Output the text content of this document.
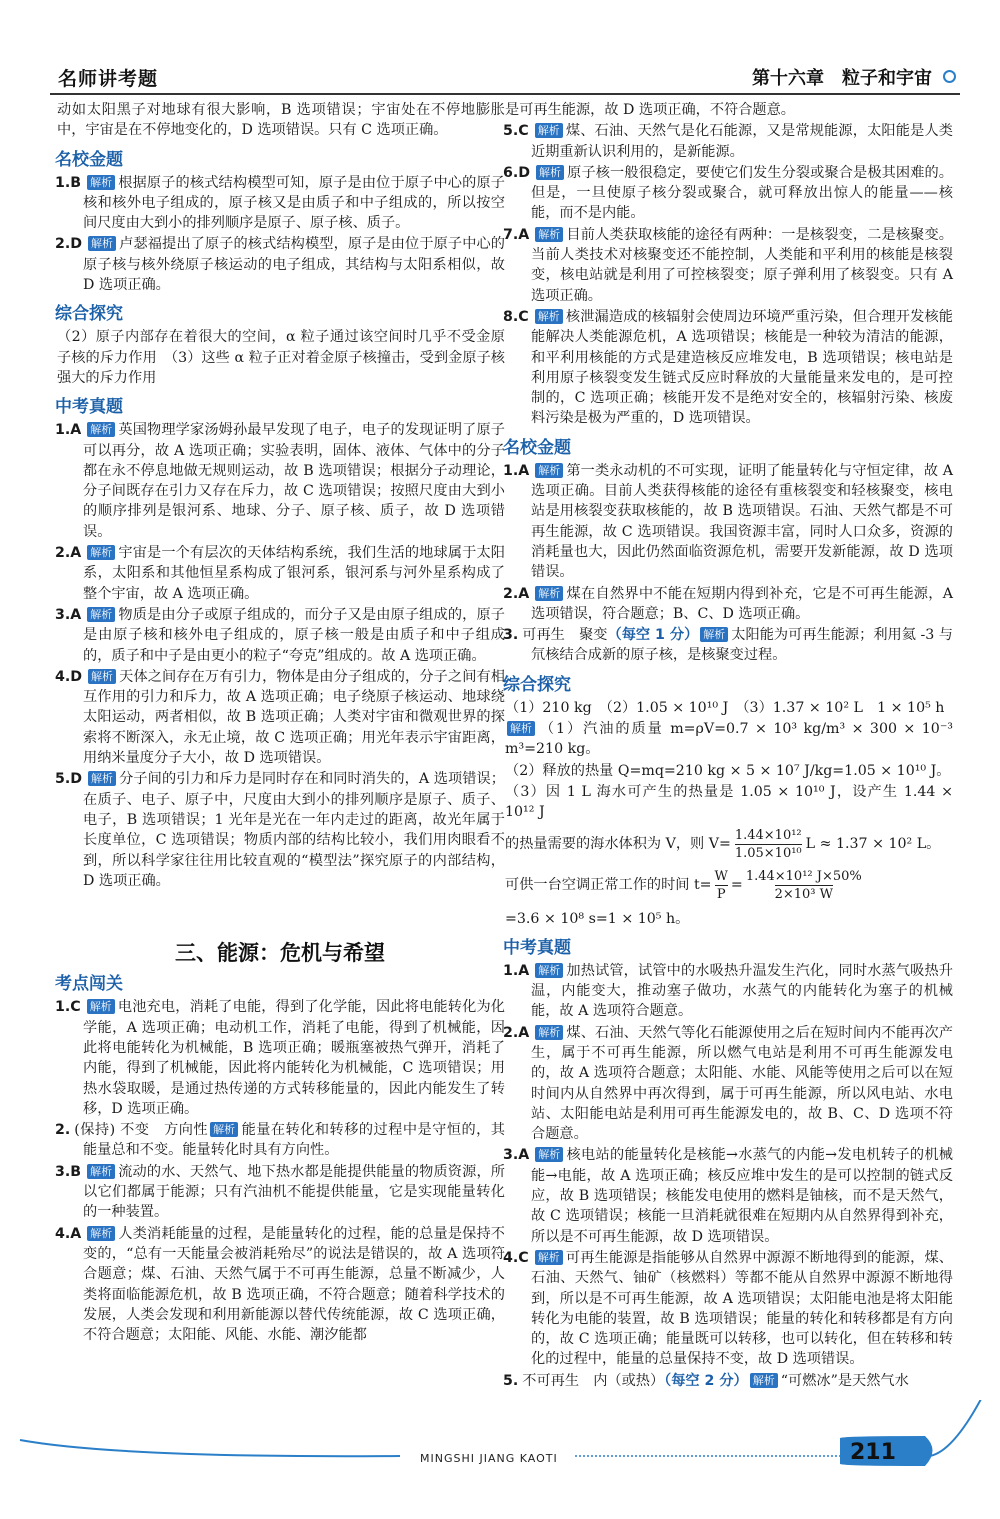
名师讲考题	第十六章　粒子和宇宙

动如太阳黑子对地球有很大影响，B 选项错误；宇宙处在不停地膨胀中，宇宙是在不停地变化的，D 选项错误。只有 C 选项正确。

名校金题

1.B 解析 根据原子的核式结构模型可知，原子是由位于原子中心的原子核和核外电子组成的，原子核又是由质子和中子组成的，所以按空间尺度由大到小的排列顺序是原子、原子核、质子。

2.D 解析 卢瑟福提出了原子的核式结构模型，原子是由位于原子中心的原子核与核外绕原子核运动的电子组成，其结构与太阳系相似，故 D 选项正确。

综合探究

（2）原子内部存在着很大的空间，α 粒子通过该空间时几乎不受金原子核的斥力作用　（3）这些 α 粒子正对着金原子核撞击，受到金原子核强大的斥力作用

中考真题

1.A 解析 英国物理学家汤姆孙最早发现了电子，电子的发现证明了原子可以再分，故 A 选项正确；实验表明，固体、液体、气体中的分子都在永不停息地做无规则运动，故 B 选项错误；根据分子动理论，分子间既存在引力又存在斥力，故 C 选项错误；按照尺度由大到小的顺序排列是银河系、地球、分子、原子核、质子，故 D 选项错误。

2.A 解析 宇宙是一个有层次的天体结构系统，我们生活的地球属于太阳系，太阳系和其他恒星系构成了银河系，银河系与河外星系构成了整个宇宙，故 A 选项正确。

3.A 解析 物质是由分子或原子组成的，而分子又是由原子组成的，原子是由原子核和核外电子组成的，原子核一般是由质子和中子组成的，质子和中子是由更小的粒子“夸克”组成的。故 A 选项正确。

4.D 解析 天体之间存在万有引力，物体是由分子组成的，分子之间有相互作用的引力和斥力，故 A 选项正确；电子绕原子核运动、地球绕太阳运动，两者相似，故 B 选项正确；人类对宇宙和微观世界的探索将不断深入，永无止境，故 C 选项正确；用光年表示宇宙距离，用纳米量度分子大小，故 D 选项错误。

5.D 解析 分子间的引力和斥力是同时存在和同时消失的，A 选项错误；在质子、电子、原子中，尺度由大到小的排列顺序是原子、质子、电子，B 选项错误；1 光年是光在一年内走过的距离，故光年属于长度单位，C 选项错误；物质内部的结构比较小，我们用肉眼看不到，所以科学家往往用比较直观的“模型法”探究原子的内部结构，D 选项正确。

三、能源：危机与希望
考点闯关

1.C 解析 电池充电，消耗了电能，得到了化学能，因此将电能转化为化学能，A 选项正确；电动机工作，消耗了电能，得到了机械能，因此将电能转化为机械能，B 选项正确；暖瓶塞被热气弹开，消耗了内能，得到了机械能，因此将内能转化为机械能，C 选项错误；用热水袋取暖，是通过热传递的方式转移能量的，因此内能发生了转移，D 选项正确。

2. (保持) 不变　方向性 解析 能量在转化和转移的过程中是守恒的，其能量总和不变。能量转化时具有方向性。

3.B 解析 流动的水、天然气、地下热水都是能提供能量的物质资源，所以它们都属于能源；只有汽油机不能提供能量，它是实现能量转化的一种装置。

4.A 解析 人类消耗能量的过程，是能量转化的过程，能的总量是保持不变的，“总有一天能量会被消耗殆尽”的说法是错误的，故 A 选项符合题意；煤、石油、天然气属于不可再生能源，总量不断减少，人类将面临能源危机，故 B 选项正确，不符合题意；随着科学技术的发展，人类会发现和利用新能源以替代传统能源，故 C 选项正确，不符合题意；太阳能、风能、水能、潮汐能都

是可再生能源，故 D 选项正确，不符合题意。

5.C 解析 煤、石油、天然气是化石能源，又是常规能源，太阳能是人类近期重新认识利用的，是新能源。

6.D 解析 原子核一般很稳定，要使它们发生分裂或聚合是极其困难的。但是，一旦使原子核分裂或聚合，就可释放出惊人的能量——核能，而不是内能。

7.A 解析 目前人类获取核能的途径有两种：一是核裂变，二是核聚变。当前人类技术对核聚变还不能控制，人类能和平利用的核能是核裂变，核电站就是利用了可控核裂变；原子弹利用了核裂变。只有 A 选项正确。

8.C 解析 核泄漏造成的核辐射会使周边环境严重污染，但合理开发核能能解决人类能源危机，A 选项错误；核能是一种较为清洁的能源，和平利用核能的方式是建造核反应堆发电，B 选项错误；核电站是利用原子核裂变发生链式反应时释放的大量能量来发电的，是可控制的，C 选项正确；核能开发不是绝对安全的，核辐射污染、核废料污染是极为严重的，D 选项错误。

名校金题

1.A 解析 第一类永动机的不可实现，证明了能量转化与守恒定律，故 A 选项正确。目前人类获得核能的途径有重核裂变和轻核聚变，核电站是用核裂变获取核能的，故 B 选项错误。石油、天然气都是不可再生能源，故 C 选项错误。我国资源丰富，同时人口众多，资源的消耗量也大，因此仍然面临资源危机，需要开发新能源，故 D 选项错误。

2.A 解析 煤在自然界中不能在短期内得到补充，它是不可再生能源，A 选项错误，符合题意；B、C、D 选项正确。

3. 可再生　聚变（每空 1 分） 解析 太阳能为可再生能源；利用氦 -3 与氘核结合成新的原子核，是核聚变过程。

综合探究

（1）210 kg　（2）1.05 × 10¹⁰ J　（3）1.37 × 10² L　1 × 10⁵ h

解析 （1）汽油的质量 m=ρV=0.7 × 10³ kg/m³ × 300 × 10⁻³ m³=210 kg。

（2）释放的热量 Q=mq=210 kg × 5 × 10⁷ J/kg=1.05 × 10¹⁰ J。

（3）因 1 L 海水可产生的热量是 1.05 × 10¹⁰ J，设产生 1.44 × 10¹² J

的热量需要的海水体积为 V，则 $V= \frac{\text{1.44×10¹²}}{\text{1.05×10¹⁰}}$ L ≈ 1.37 × 10² L。
可供一台空调正常工作的时间 $t= \frac{W}{P} = \frac{\text{1.44×10¹² J×50\%}}{\text{2×10³ W}}$

=3.6 × 10⁸ s=1 × 10⁵ h。

中考真题

1.A 解析 加热试管，试管中的水吸热升温发生汽化，同时水蒸气吸热升温，内能变大，推动塞子做功，水蒸气的内能转化为塞子的机械能，故 A 选项符合题意。

2.A 解析 煤、石油、天然气等化石能源使用之后在短时间内不能再次产生，属于不可再生能源，所以燃气电站是利用不可再生能源发电的，故 A 选项符合题意；太阳能、水能、风能等使用之后可以在短时间内从自然界中再次得到，属于可再生能源，所以风电站、水电站、太阳能电站是利用可再生能源发电的，故 B、C、D 选项不符合题意。

3.A 解析 核电站的能量转化是核能→水蒸气的内能→发电机转子的机械能→电能，故 A 选项正确；核反应堆中发生的是可以控制的链式反应，故 B 选项错误；核能发电使用的燃料是铀核，而不是天然气，故 C 选项错误；核能一旦消耗就很难在短期内从自然界得到补充，所以是不可再生能源，故 D 选项错误。

4.C 解析 可再生能源是指能够从自然界中源源不断地得到的能源，煤、石油、天然气、铀矿（核燃料）等都不能从自然界中源源不断地得到，所以是不可再生能源，故 A 选项错误；太阳能电池是将太阳能转化为电能的装置，故 B 选项错误；能量的转化和转移都是有方向的，故 C 选项正确；能量既可以转移，也可以转化，但在转移和转化的过程中，能量的总量保持不变，故 D 选项错误。

5. 不可再生　内（或热）（每空 2 分） 解析 “可燃冰”是天然气水

MINGSHI JIANG KAOTI	211
